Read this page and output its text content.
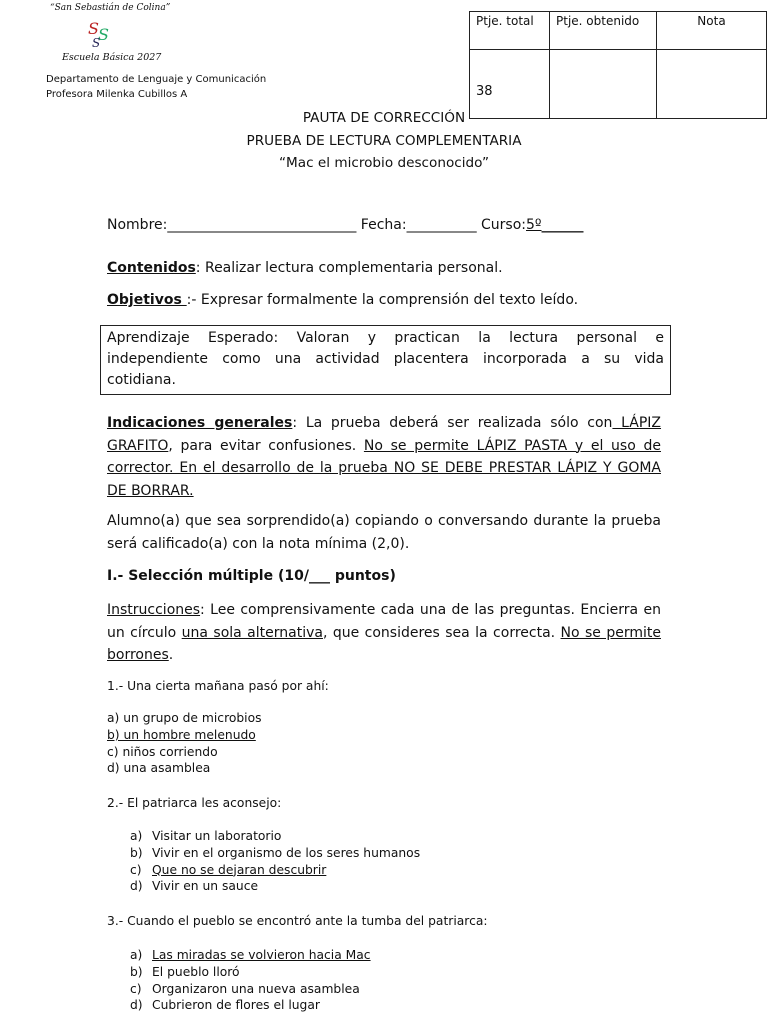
“San Sebastián de Colina”
S S
S
Escuela Básica 2027
Departamento de Lenguaje y Comunicación
Profesora Milenka Cubillos A
Ptje. total	Ptje. obtenido	Nota
38		
PAUTA DE CORRECCIÓN
PRUEBA DE LECTURA COMPLEMENTARIA
“Mac el microbio desconocido”
Nombre:___________________________ Fecha:__________ Curso:5º______
Contenidos: Realizar lectura complementaria personal.
Objetivos :- Expresar formalmente la comprensión del texto leído.
Aprendizaje Esperado: Valoran y practican la lectura personal e
independiente como una actividad placentera incorporada a su vida
cotidiana.
Indicaciones generales: La prueba deberá ser realizada sólo con LÁPIZ GRAFITO, para evitar confusiones. No se permite LÁPIZ PASTA y el uso de corrector. En el desarrollo de la prueba NO SE DEBE PRESTAR LÁPIZ Y GOMA DE BORRAR.
Alumno(a) que sea sorprendido(a) copiando o conversando durante la prueba será calificado(a) con la nota mínima (2,0).
I.- Selección múltiple (10/___ puntos)
Instrucciones: Lee comprensivamente cada una de las preguntas. Encierra en un círculo una sola alternativa, que consideres sea la correcta. No se permite borrones.
1.- Una cierta mañana pasó por ahí:
a) un grupo de microbios
b) un hombre melenudo
c) niños corriendo
d) una asamblea
2.- El patriarca les aconsejo:
a) Visitar un laboratorio
b) Vivir en el organismo de los seres humanos
c) Que no se dejaran descubrir
d) Vivir en un sauce
3.- Cuando el pueblo se encontró ante la tumba del patriarca:
a) Las miradas se volvieron hacia Mac
b) El pueblo lloró
c) Organizaron una nueva asamblea
d) Cubrieron de flores el lugar
